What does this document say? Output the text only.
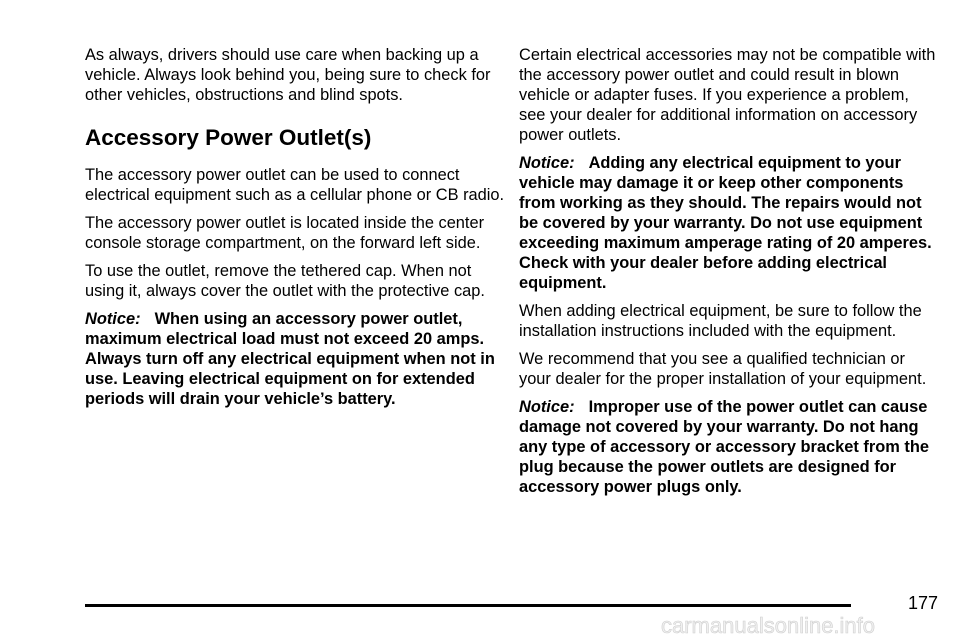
As always, drivers should use care when backing up a vehicle. Always look behind you, being sure to check for other vehicles, obstructions and blind spots.

Accessory Power Outlet(s)

The accessory power outlet can be used to connect electrical equipment such as a cellular phone or CB radio.

The accessory power outlet is located inside the center console storage compartment, on the forward left side.

To use the outlet, remove the tethered cap. When not using it, always cover the outlet with the protective cap.

Notice: When using an accessory power outlet, maximum electrical load must not exceed 20 amps. Always turn off any electrical equipment when not in use. Leaving electrical equipment on for extended periods will drain your vehicle’s battery.

Certain electrical accessories may not be compatible with the accessory power outlet and could result in blown vehicle or adapter fuses. If you experience a problem, see your dealer for additional information on accessory power outlets.

Notice: Adding any electrical equipment to your vehicle may damage it or keep other components from working as they should. The repairs would not be covered by your warranty. Do not use equipment exceeding maximum amperage rating of 20 amperes. Check with your dealer before adding electrical equipment.

When adding electrical equipment, be sure to follow the installation instructions included with the equipment.

We recommend that you see a qualified technician or your dealer for the proper installation of your equipment.

Notice: Improper use of the power outlet can cause damage not covered by your warranty. Do not hang any type of accessory or accessory bracket from the plug because the power outlets are designed for accessory power plugs only.

177
carmanualsonline.info
